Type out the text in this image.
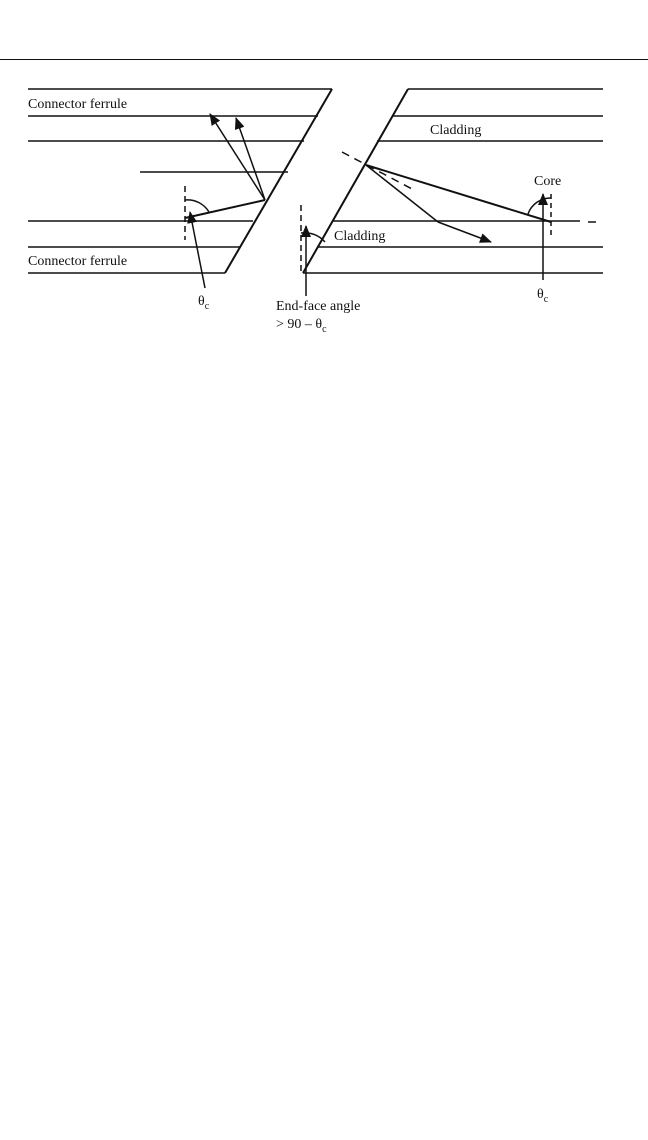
Connector ferrule
Connector ferrule
Cladding
Cladding
Core
$\theta_c$
$\theta_c$
End-face angle
> $90 - \theta_c$
